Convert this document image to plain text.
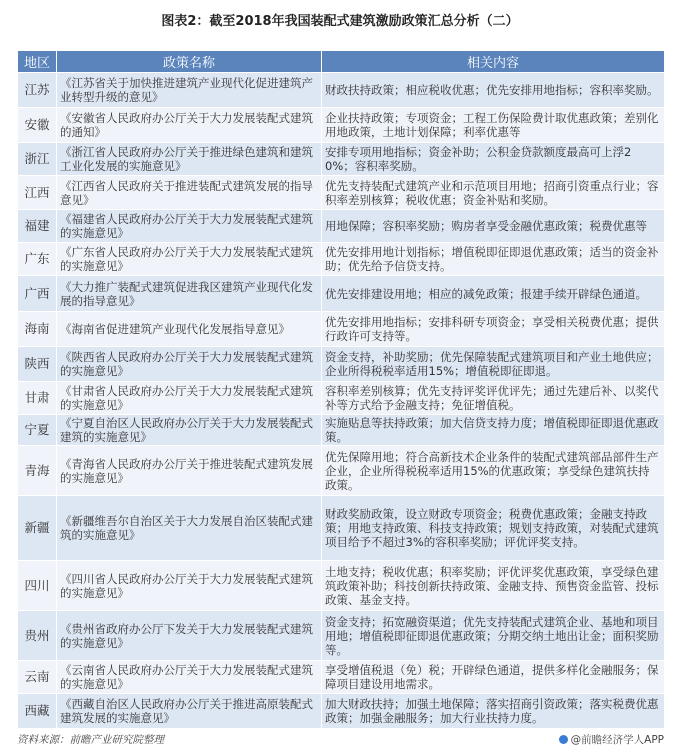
图表2：截至2018年我国装配式建筑激励政策汇总分析（二）
地区	政策名称	相关内容
江苏	《江苏省关于加快推进建筑产业现代化促进建筑产业转型升级的意见》	财政扶持政策；相应税收优惠；优先安排用地指标；容积率奖励。
安徽	《安徽省人民政府办公厅关于大力发展装配式建筑的通知》	企业扶持政策；专项资金；工程工伤保险费计取优惠政策；差别化用地政策，土地计划保障；利率优惠等
浙江	《浙江省人民政府办公厅关于推进绿色建筑和建筑工业化发展的实施意见》	安排专项用地指标；资金补助；公积金贷款额度最高可上浮20%；容积率奖励。
江西	《江西省人民政府关于推进装配式建筑发展的指导意见》	优先支持装配式建筑产业和示范项目用地；招商引资重点行业；容积率差别核算；税收优惠；资金补贴和奖励。
福建	《福建省人民政府办公厅关于大力发展装配式建筑的实施意见》	用地保障；容积率奖励；购房者享受金融优惠政策；税费优惠等
广东	《广东省人民政府办公厅关于大力发展装配式建筑的实施意见》	优先安排用地计划指标；增值税即征即退优惠政策；适当的资金补助；优先给予信贷支持。
广西	《大力推广装配式建筑促进我区建筑产业现代化发展的指导意见》	优先安排建设用地；相应的减免政策；报建手续开辟绿色通道。
海南	《海南省促进建筑产业现代化发展指导意见》	优先安排用地指标；安排科研专项资金；享受相关税费优惠；提供行政许可支持等。
陕西	《陕西省人民政府办公厅关于大力发展装配式建筑的实施意见》	资金支持，补助奖励；优先保障装配式建筑项目和产业土地供应；企业所得税税率适用15%；增值税即征即退。
甘肃	《甘肃省人民政府办公厅关于大力发展装配式建筑的实施意见》	容积率差别核算；优先支持评奖评优评先；通过先建后补、以奖代补等方式给予金融支持；免征增值税。
宁夏	《宁夏自治区人民政府办公厅关于大力发展装配式建筑的实施意见》	实施贴息等扶持政策；加大信贷支持力度；增值税即征即退优惠政策。
青海	《青海省人民政府办公厅关于推进装配式建筑发展的实施意见》	优先保障用地；符合高新技术企业条件的装配式建筑部品部件生产企业，企业所得税税率适用15%的优惠政策；享受绿色建筑扶持政策。
新疆	《新疆维吾尔自治区关于大力发展自治区装配式建筑的实施意见》	财政奖励政策，设立财政专项资金；税费优惠政策；金融支持政策；用地支持政策、科技支持政策；规划支持政策，对装配式建筑项目给予不超过3%的容积率奖励；评优评奖支持。
四川	《四川省人民政府办公厅关于大力发展装配式建筑的实施意见》	土地支持；税收优惠；积率奖励；评优评奖优惠政策，享受绿色建筑政策补助；科技创新扶持政策、金融支持、预售资金监管、投标政策、基金支持。
贵州	《贵州省政府办公厅下发关于大力发展装配式建筑的实施意见》	资金支持；拓宽融资渠道；优先支持装配式建筑企业、基地和项目用地；增值税即征即退优惠政策；分期交纳土地出让金；面积奖励等。
云南	《云南省人民政府办公厅关于大力发展装配式建筑的实施意见》	享受增值税退（免）税；开辟绿色通道，提供多样化金融服务；保障项目建设用地需求。
西藏	《西藏自治区人民政府办公厅关于推进高原装配式建筑发展的实施意见》	加大财政扶持；加强土地保障；落实招商引资政策；落实税费优惠政策；加强金融服务；加大行业扶持力度。
资料来源：前瞻产业研究院整理	@前瞻经济学人APP
